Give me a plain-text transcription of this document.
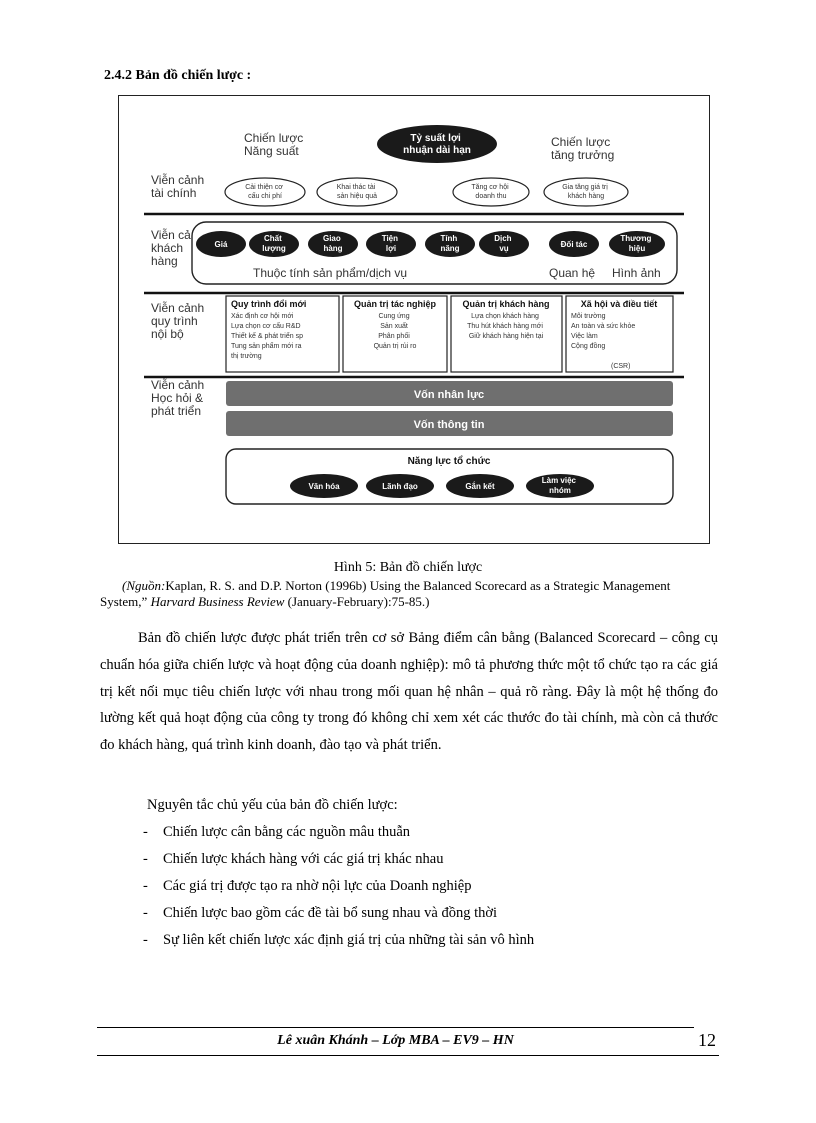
2.4.2 Bản đồ chiến lược :
Chiến lược Năng suất
Chiến lược tăng trưởng
Tỷ suất lợi nhuận dài hạn
Viễn cảnh tài chính	Cải thiện cơ cấu chi phí
Khai thác tài sản hiệu quả
Tăng cơ hội doanh thu
Gia tăng giá trị khách hàng
Viễn cả khách hàng
Giá
Chất lượng
Giao hàng
Tiện lợi
Tính năng
Dịch vụ	Đối tác
Thương hiệu
Thuộc tính sản phẩm/dịch vụ	Quan hệ Hình ảnh
Viễn cảnh quy trình nội bộ
Quy trình đổi mới
Xác định cơ hội mới Lựa chọn cơ cấu R&D Thiết kế & phát triển sp Tung sản phẩm mới ra thị trường
Quản trị tác nghiệp
Cung ứng Sản xuất Phân phối Quản trị rủi ro
Quản trị khách hàng
Lựa chọn khách hàng Thu hút khách hàng mới Giữ khách hàng hiện tại
Xã hội và điều tiết
Môi trường An toàn và sức khỏe Việc làm Cộng đồng
(CSR)
Viễn cảnh Học hỏi & phát triển
Vốn nhân lực
Vốn thông tin
Năng lực tổ chức
Văn hóa	Lãnh đạo	Gắn kết
Làm việc nhóm
Hình 5: Bản đồ chiến lược
(Nguồn:Kaplan, R. S. and D.P. Norton (1996b) Using the Balanced Scorecard as a Strategic Management System,” Harvard Business Review (January-February):75-85.)
Bản đồ chiến lược được phát triển trên cơ sở Bảng điểm cân bằng (Balanced Scorecard – công cụ chuẩn hóa giữa chiến lược và hoạt động của doanh nghiệp): mô tả phương thức một tổ chức tạo ra các giá trị kết nối mục tiêu chiến lược với nhau trong mối quan hệ nhân – quả rõ ràng. Đây là một hệ thống đo lường kết quả hoạt động của công ty trong đó không chỉ xem xét các thước đo tài chính, mà còn cả thước đo khách hàng, quá trình kinh doanh, đào tạo và phát triển.
Nguyên tắc chủ yếu của bản đồ chiến lược:
- Chiến lược cân bằng các nguồn mâu thuẫn
- Chiến lược khách hàng với các giá trị khác nhau
- Các giá trị được tạo ra nhờ nội lực của Doanh nghiệp
- Chiến lược bao gồm các đề tài bổ sung nhau và đồng thời
- Sự liên kết chiến lược xác định giá trị của những tài sản vô hình
Lê xuân Khánh – Lớp MBA – EV9 – HN	12
